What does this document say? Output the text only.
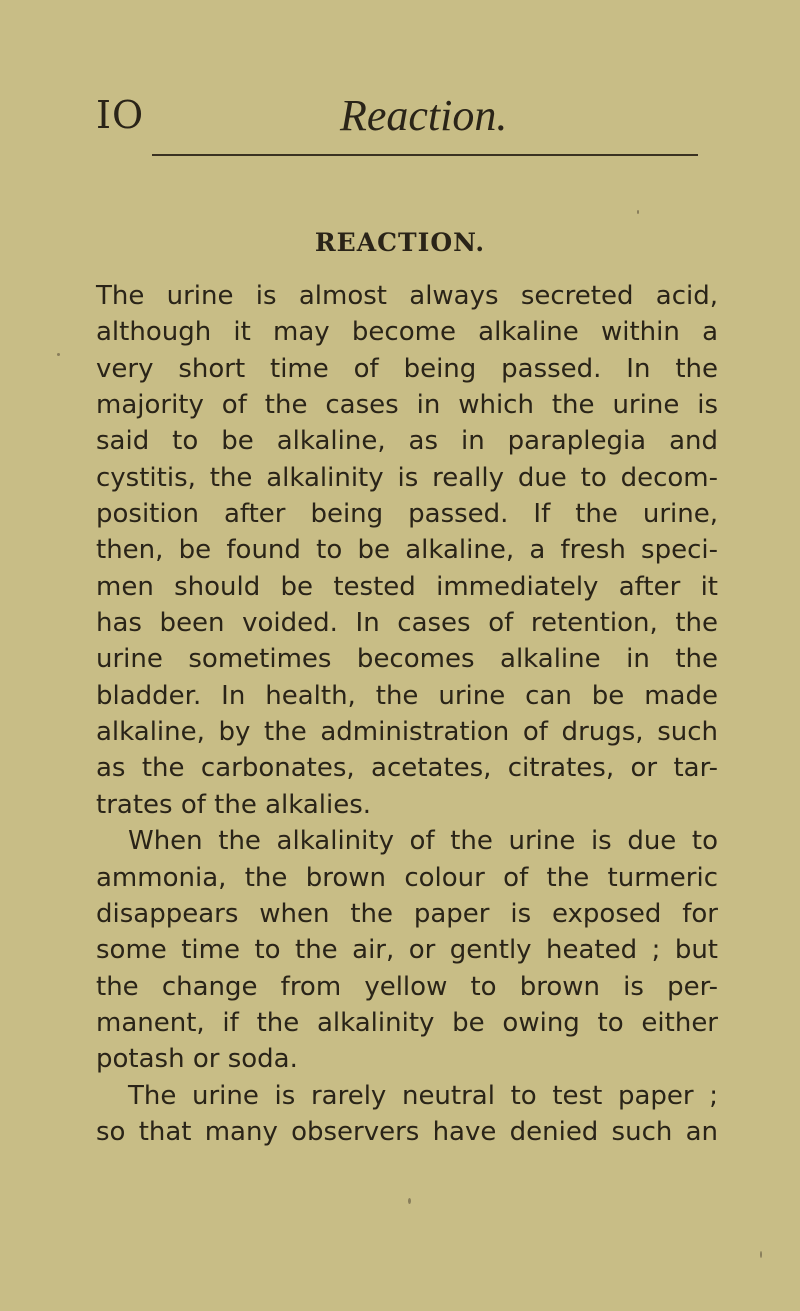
IO	Reaction.
REACTION.
The urine is almost always secreted acid,
although it may become alkaline within a
very short time of being passed. In the
majority of the cases in which the urine is
said to be alkaline, as in paraplegia and
cystitis, the alkalinity is really due to decom-
position after being passed. If the urine,
then, be found to be alkaline, a fresh speci-
men should be tested immediately after it
has been voided. In cases of retention, the
urine sometimes becomes alkaline in the
bladder. In health, the urine can be made
alkaline, by the administration of drugs, such
as the carbonates, acetates, citrates, or tar-
trates of the alkalies.
When the alkalinity of the urine is due to
ammonia, the brown colour of the turmeric
disappears when the paper is exposed for
some time to the air, or gently heated ; but
the change from yellow to brown is per-
manent, if the alkalinity be owing to either
potash or soda.
The urine is rarely neutral to test paper ;
so that many observers have denied such an
